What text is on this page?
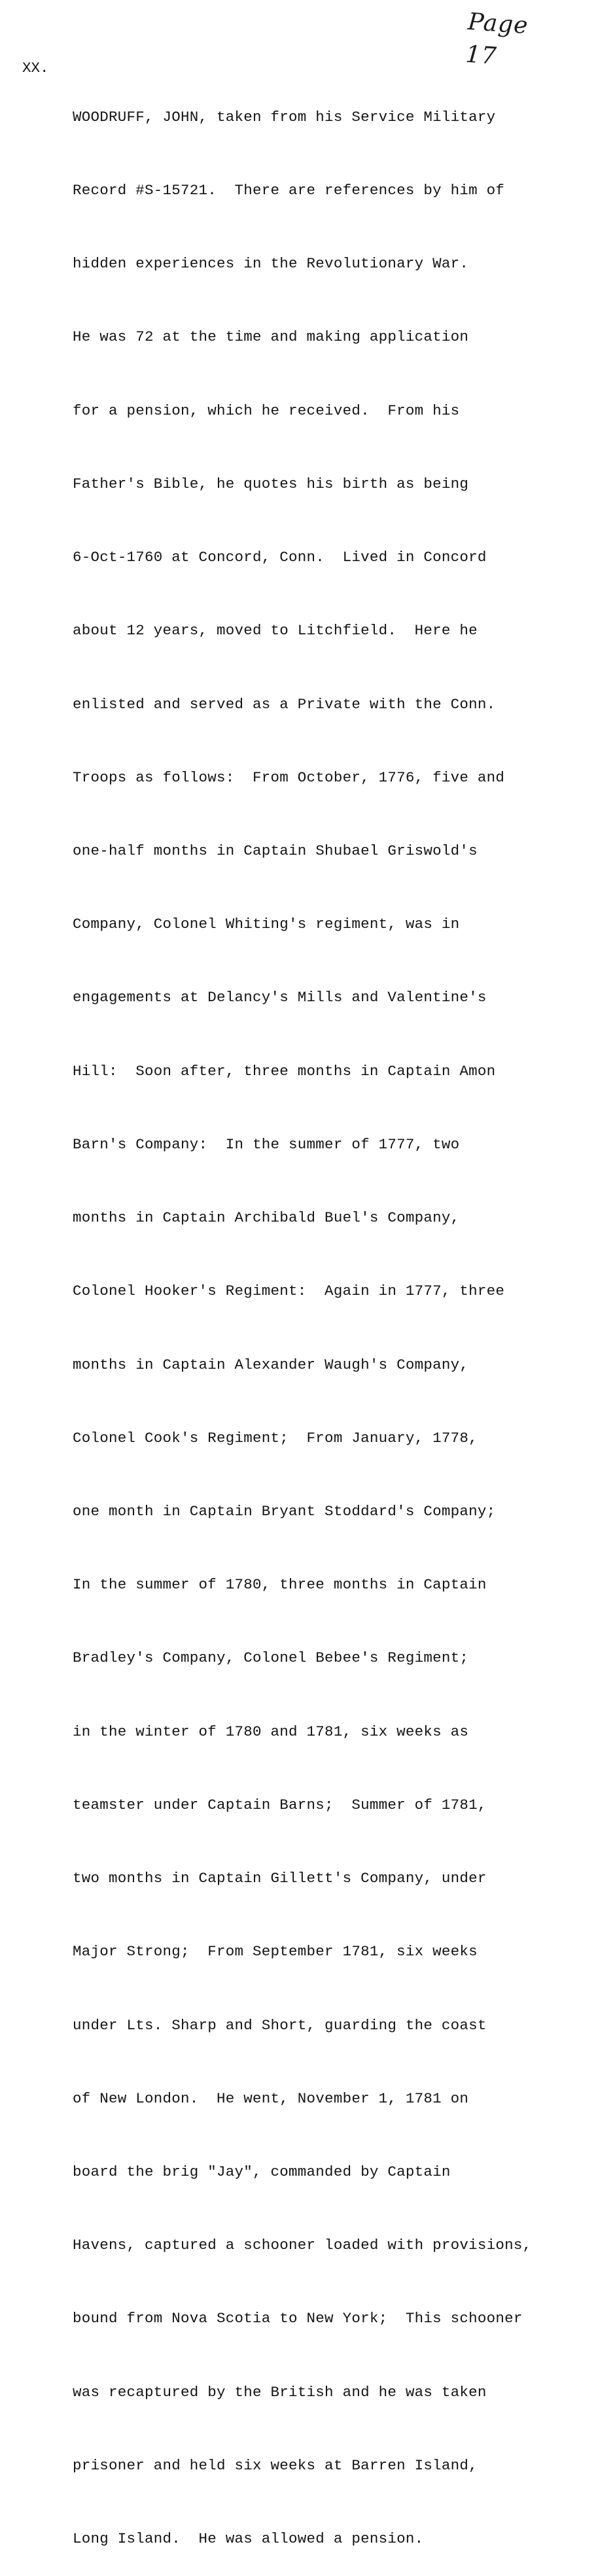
Page 17
XX.

WOODRUFF, JOHN, taken from his Service Military

Record #S-15721.  There are references by him of

hidden experiences in the Revolutionary War.

He was 72 at the time and making application

for a pension, which he received.  From his

Father's Bible, he quotes his birth as being

6-Oct-1760 at Concord, Conn.  Lived in Concord

about 12 years, moved to Litchfield.  Here he

enlisted and served as a Private with the Conn.

Troops as follows:  From October, 1776, five and

one-half months in Captain Shubael Griswold's

Company, Colonel Whiting's regiment, was in

engagements at Delancy's Mills and Valentine's

Hill:  Soon after, three months in Captain Amon

Barn's Company:  In the summer of 1777, two

months in Captain Archibald Buel's Company,

Colonel Hooker's Regiment:  Again in 1777, three

months in Captain Alexander Waugh's Company,

Colonel Cook's Regiment;  From January, 1778,

one month in Captain Bryant Stoddard's Company;

In the summer of 1780, three months in Captain

Bradley's Company, Colonel Bebee's Regiment;

in the winter of 1780 and 1781, six weeks as

teamster under Captain Barns;  Summer of 1781,

two months in Captain Gillett's Company, under

Major Strong;  From September 1781, six weeks

under Lts. Sharp and Short, guarding the coast

of New London.  He went, November 1, 1781 on

board the brig "Jay", commanded by Captain

Havens, captured a schooner loaded with provisions,

bound from Nova Scotia to New York;  This schooner

was recaptured by the British and he was taken

prisoner and held six weeks at Barren Island,

Long Island.  He was allowed a pension.
